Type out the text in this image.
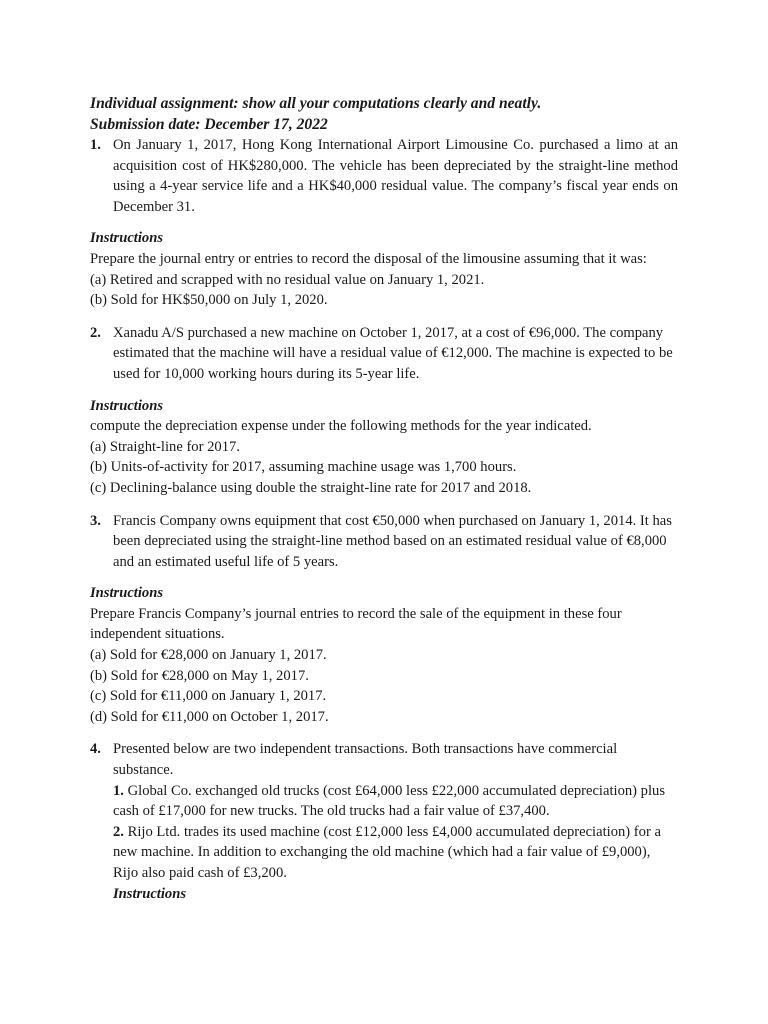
Individual assignment: show all your computations clearly and neatly.
Submission date: December 17, 2022
1. On January 1, 2017, Hong Kong International Airport Limousine Co. purchased a limo at an acquisition cost of HK$280,000. The vehicle has been depreciated by the straight-line method using a 4-year service life and a HK$40,000 residual value. The company’s fiscal year ends on December 31.
Instructions
Prepare the journal entry or entries to record the disposal of the limousine assuming that it was:
(a) Retired and scrapped with no residual value on January 1, 2021.
(b) Sold for HK$50,000 on July 1, 2020.
2. Xanadu A/S purchased a new machine on October 1, 2017, at a cost of €96,000. The company estimated that the machine will have a residual value of €12,000. The machine is expected to be used for 10,000 working hours during its 5-year life.
Instructions
compute the depreciation expense under the following methods for the year indicated.
(a) Straight-line for 2017.
(b) Units-of-activity for 2017, assuming machine usage was 1,700 hours.
(c) Declining-balance using double the straight-line rate for 2017 and 2018.
3. Francis Company owns equipment that cost €50,000 when purchased on January 1, 2014. It has been depreciated using the straight-line method based on an estimated residual value of €8,000 and an estimated useful life of 5 years.
Instructions
Prepare Francis Company’s journal entries to record the sale of the equipment in these four independent situations.
(a) Sold for €28,000 on January 1, 2017.
(b) Sold for €28,000 on May 1, 2017.
(c) Sold for €11,000 on January 1, 2017.
(d) Sold for €11,000 on October 1, 2017.
4. Presented below are two independent transactions. Both transactions have commercial substance.
1. Global Co. exchanged old trucks (cost £64,000 less £22,000 accumulated depreciation) plus cash of £17,000 for new trucks. The old trucks had a fair value of £37,400.
2. Rijo Ltd. trades its used machine (cost £12,000 less £4,000 accumulated depreciation) for a new machine. In addition to exchanging the old machine (which had a fair value of £9,000), Rijo also paid cash of £3,200.
Instructions
